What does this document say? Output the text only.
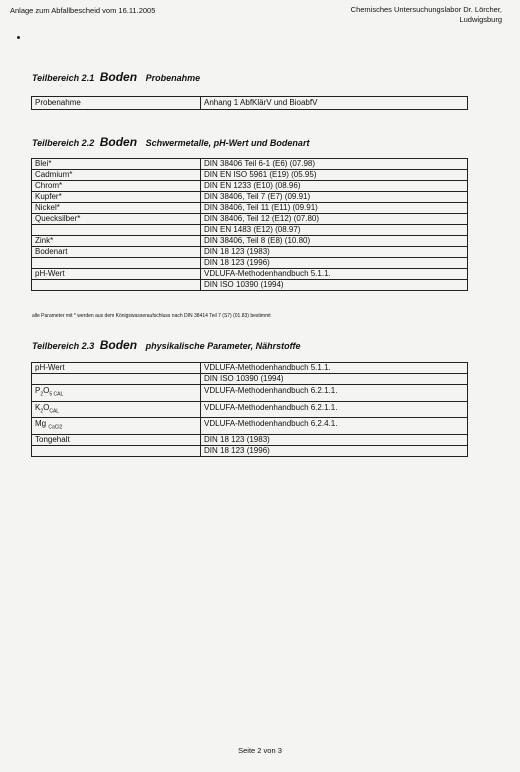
Anlage zum Abfallbescheid vom 16.11.2005	Chemisches Untersuchungslabor Dr. Lörcher,
Ludwigsburg
Teilbereich 2.1 Boden Probenahme
Probenahme	Anhang 1 AbfKlärV und BioabfV
Teilbereich 2.2 Boden Schwermetalle, pH-Wert und Bodenart
Blei*	DIN 38406 Teil 6-1 (E6) (07.98)
Cadmium*	DIN EN ISO 5961 (E19) (05.95)
Chrom*	DIN EN 1233 (E10) (08.96)
Kupfer*	DIN 38406, Teil 7 (E7) (09.91)
Nickel*	DIN 38406, Teil 11 (E11) (09.91)
Quecksilber*	DIN 38406, Teil 12 (E12) (07.80)
	DIN EN 1483 (E12) (08.97)
Zink*	DIN 38406, Teil 8 (E8) (10.80)
Bodenart	DIN 18 123 (1983)
	DIN 18 123 (1996)
pH-Wert	VDLUFA-Methodenhandbuch 5.1.1.
	DIN ISO 10390 (1994)
alle Parameter mit * werden aus dem Königswasseraufschluss nach DIN 38414 Teil 7 (S7) (01.83) bestimmt
Teilbereich 2.3 Boden physikalische Parameter, Nährstoffe
pH-Wert	VDLUFA-Methodenhandbuch 5.1.1.
	DIN ISO 10390 (1994)
$P_2O_{5 CAL}$	VDLUFA-Methodenhandbuch 6.2.1.1.
$K_2O_{CAL}$	VDLUFA-Methodenhandbuch 6.2.1.1.
Mg $_{CaCl2}$	VDLUFA-Methodenhandbuch 6.2.4.1.
Tongehalt	DIN 18 123 (1983)
	DIN 18 123 (1996)
Seite 2 von 3
